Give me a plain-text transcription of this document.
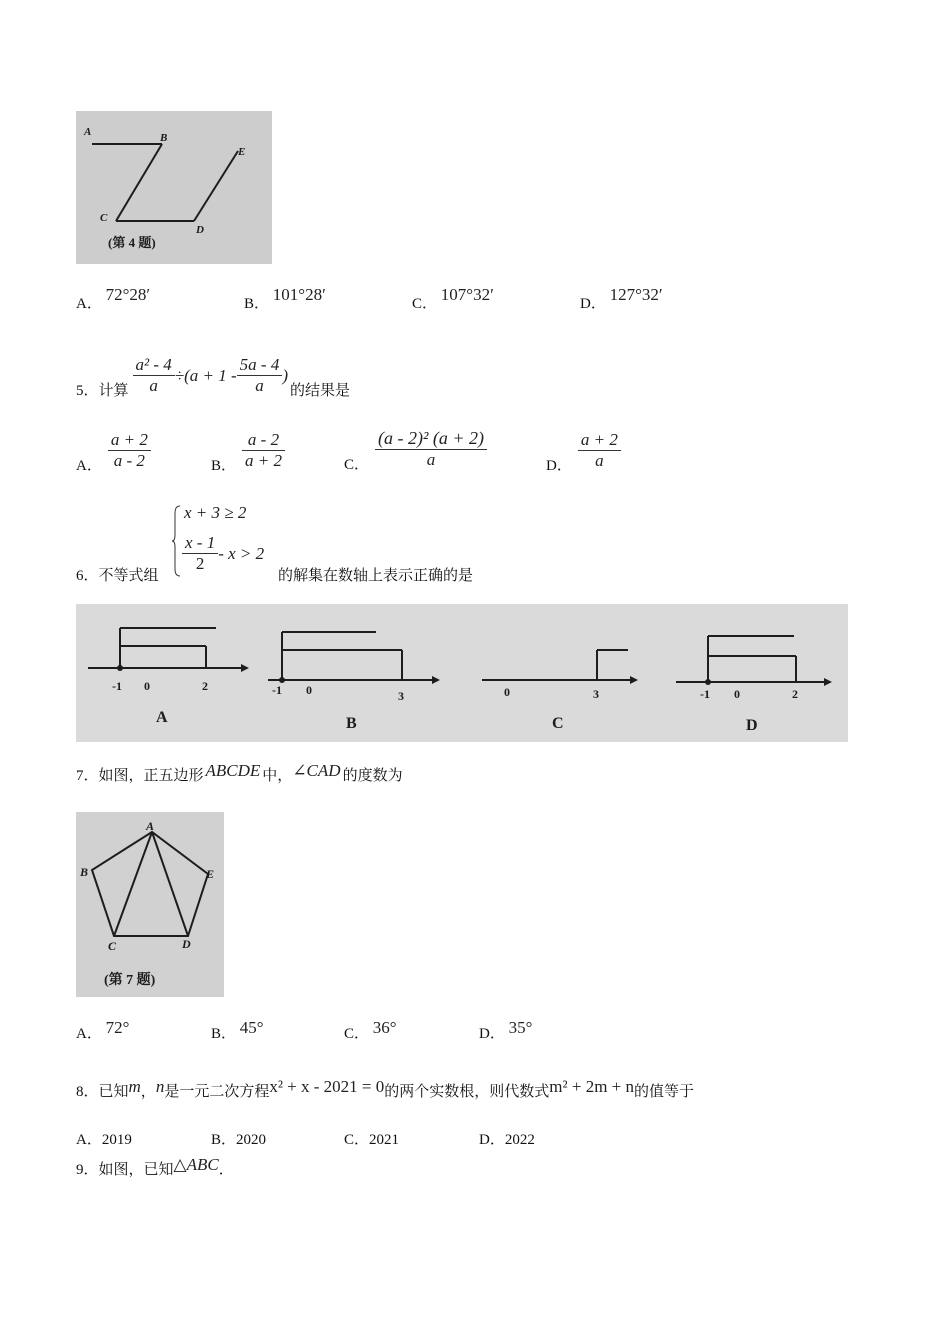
A	B
C
D
E
(第 4 题)
A． 72°28′	B． 101°28′	C． 107°32′	D． 127°32′
5．计算 $\frac{\text{a² - 4}}{a} \div(a + 1 - \frac{5a - 4}{a}$ )
的结果是
A． $\frac{a + 2}{a - 2}$	B． $\frac{a - 2}{a + 2}$	C． $\frac{\text{(a - 2)² (a + 2)}}{a}$	D． $\frac{a + 2}{a}$
6．不等式组
x + 3 ≥ 2
$\frac{x - 1}{2} - x > 2$
的解集在数轴上表示正确的是
-1 0	2
A
-1 0	3
B
0	3
C
-1 0	2
D
7．如图，正五边形 ABCDE 中， ∠CAD 的度数为
A
B
C	D
E
(第 7 题)
A． 72°	B． 45°	C． 36°	D． 35°
8．已知 m ， n 是一元二次方程 x² + x - 2021 = 0 的两个实数根，则代数式 m² + 2m + n 的值等于
A．2019	B．2020	C．2021	D．2022
9．如图，已知 △ABC ．
